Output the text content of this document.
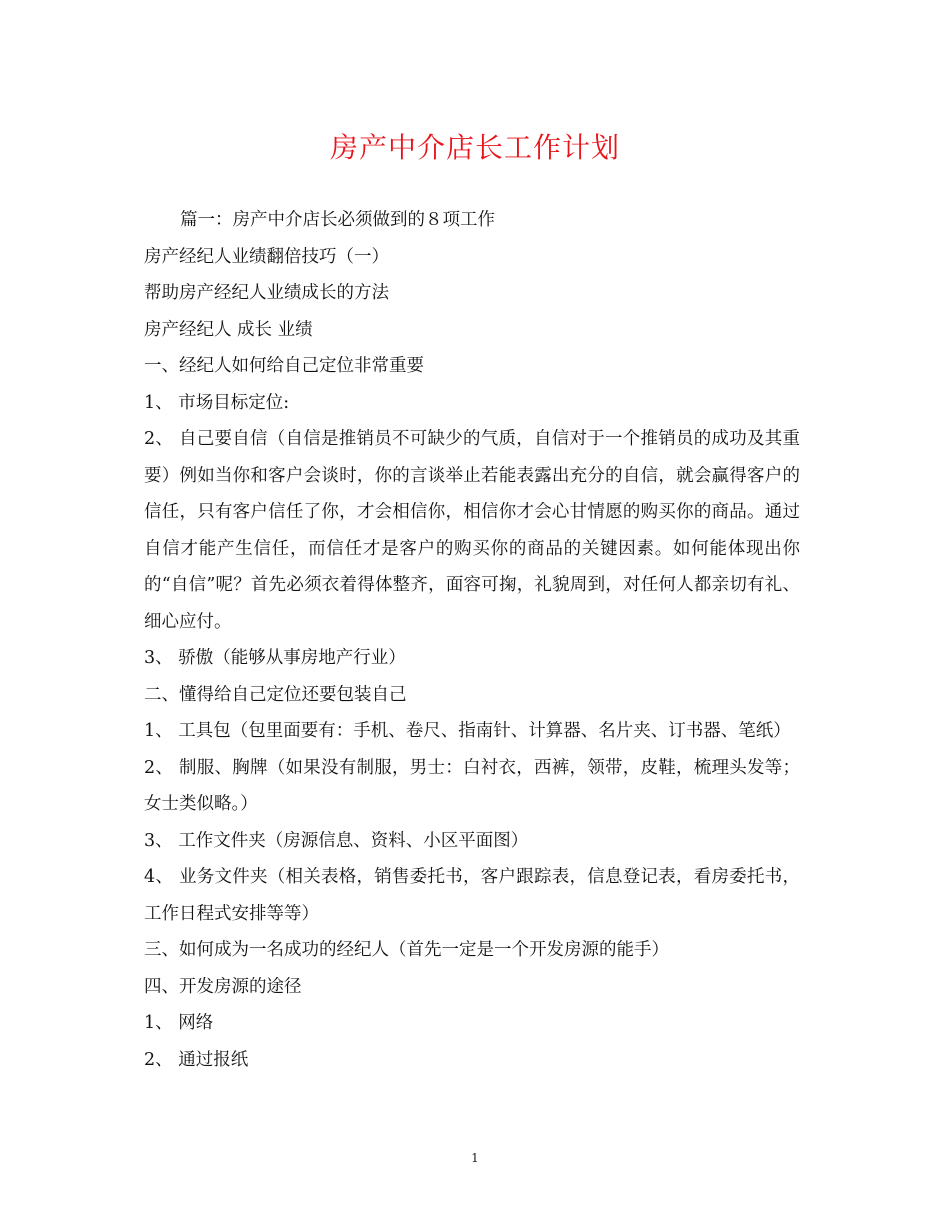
房产中介店长工作计划

篇一：房产中介店长必须做到的８项工作

房产经纪人业绩翻倍技巧（一）

帮助房产经纪人业绩成长的方法

房产经纪人 成长 业绩

一、经纪人如何给自己定位非常重要

1、 市场目标定位:

2、 自己要自信（自信是推销员不可缺少的气质，自信对于一个推销员的成功及其重要）例如当你和客户会谈时，你的言谈举止若能表露出充分的自信，就会赢得客户的信任，只有客户信任了你，才会相信你，相信你才会心甘情愿的购买你的商品。通过自信才能产生信任，而信任才是客户的购买你的商品的关键因素。如何能体现出你的“自信”呢？首先必须衣着得体整齐，面容可掬，礼貌周到，对任何人都亲切有礼、细心应付。

3、 骄傲（能够从事房地产行业）

二、懂得给自己定位还要包装自己

1、 工具包（包里面要有：手机、卷尺、指南针、计算器、名片夹、订书器、笔纸）

2、 制服、胸牌（如果没有制服，男士：白衬衣，西裤，领带，皮鞋，梳理头发等；女士类似略。）

3、 工作文件夹（房源信息、资料、小区平面图）

4、 业务文件夹（相关表格，销售委托书，客户跟踪表，信息登记表，看房委托书，工作日程式安排等等）

三、如何成为一名成功的经纪人（首先一定是一个开发房源的能手）

四、开发房源的途径

1、 网络

2、 通过报纸

1
